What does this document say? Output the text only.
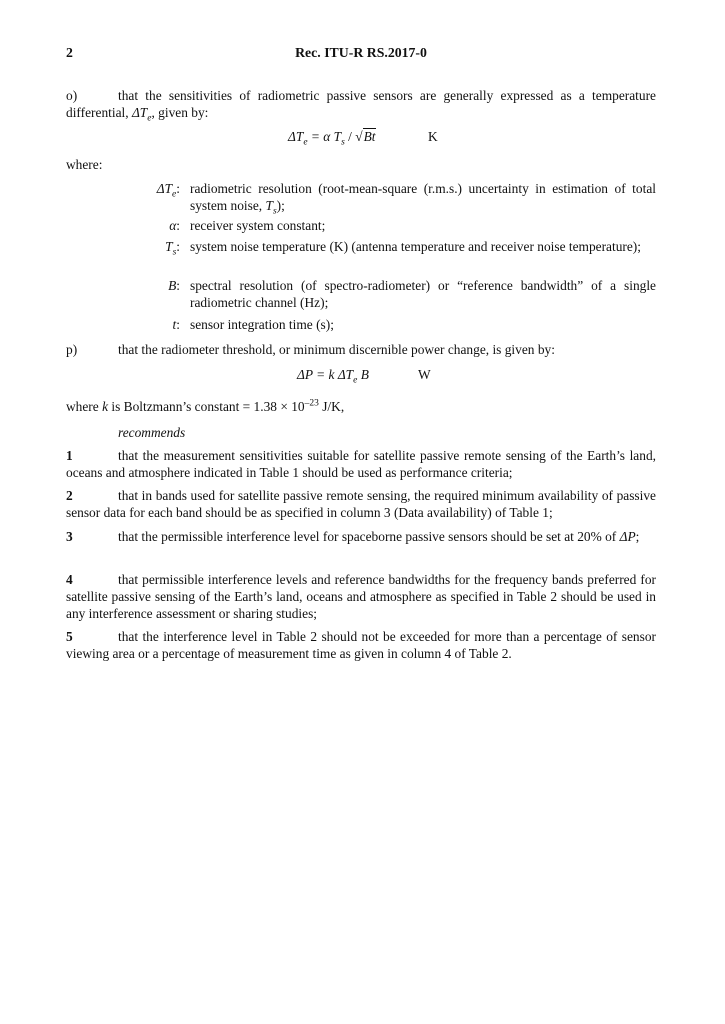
2	Rec. ITU-R RS.2017-0
o)	that the sensitivities of radiometric passive sensors are generally expressed as a temperature differential, $\Delta T_e$, given by:
$\Delta T_e = \alpha$ $T_s / √Bt$	K
where:
$\Delta T_e$: radiometric resolution (root-mean-square (r.m.s.) uncertainty in estimation of total system noise, $T_s$);
α: receiver system constant;
$T_s$: system noise temperature (K) (antenna temperature and receiver noise temperature);
B: spectral resolution (of spectro-radiometer) or “reference bandwidth” of a single radiometric channel (Hz);
t: sensor integration time (s);
p)	that the radiometer threshold, or minimum discernible power change, is given by:
ΔP = k $\Delta T_e$ B	W
where k is Boltzmann’s constant = $1.38 \times 10^{-23}$ J/K,
recommends
1	that the measurement sensitivities suitable for satellite passive remote sensing of the Earth’s land, oceans and atmosphere indicated in Table 1 should be used as performance criteria;
2	that in bands used for satellite passive remote sensing, the required minimum availability of passive sensor data for each band should be as specified in column 3 (Data availability) of Table 1;
3	that the permissible interference level for spaceborne passive sensors should be set at 20% of ΔP;
4	that permissible interference levels and reference bandwidths for the frequency bands preferred for satellite passive sensing of the Earth’s land, oceans and atmosphere as specified in Table 2 should be used in any interference assessment or sharing studies;
5	that the interference level in Table 2 should not be exceeded for more than a percentage of sensor viewing area or a percentage of measurement time as given in column 4 of Table 2.
